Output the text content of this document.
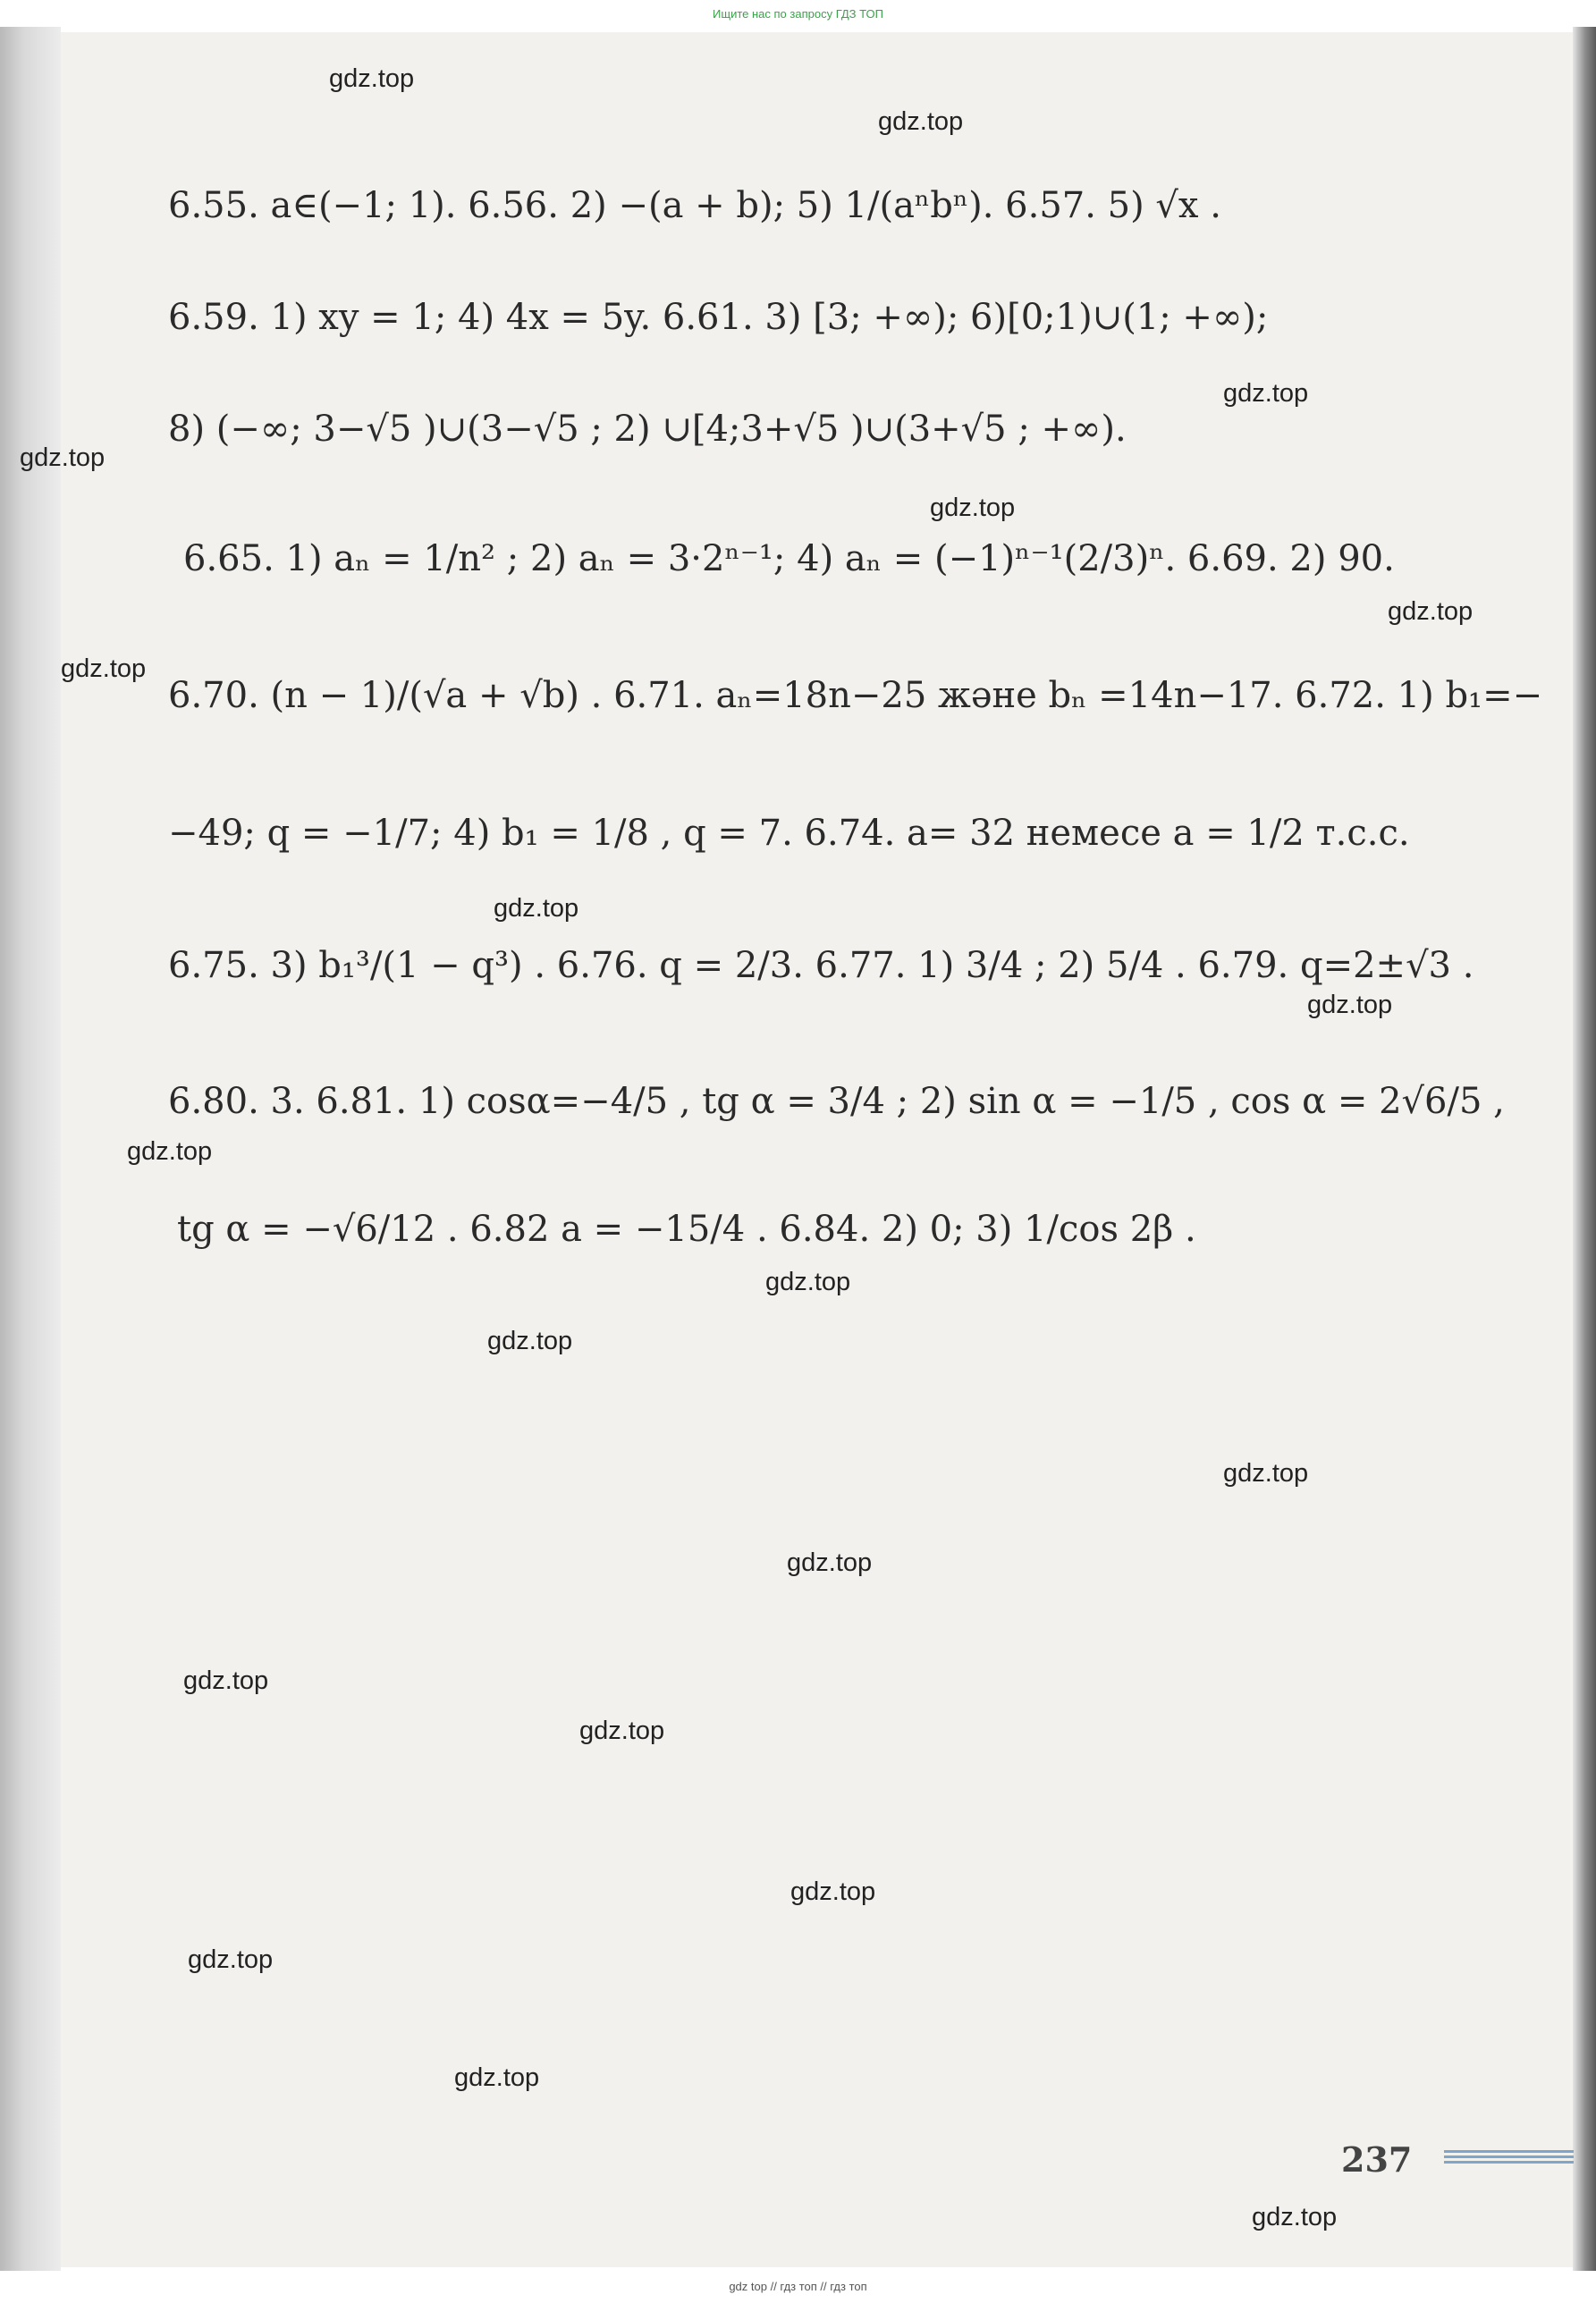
Ищите нас по запросу ГДЗ ТОП
6.55. a∈(−1; 1). 6.56. 2) −(a + b); 5) 1/(aⁿbⁿ). 6.57. 5) √x .
6.59. 1) xy = 1; 4) 4x = 5y. 6.61. 3) [3; +∞); 6)[0;1)∪(1; +∞);
8) (−∞; 3−√5 )∪(3−√5 ; 2) ∪[4;3+√5 )∪(3+√5 ; +∞).
6.65. 1) aₙ = 1/n² ; 2) aₙ = 3·2ⁿ⁻¹; 4) aₙ = (−1)ⁿ⁻¹(2/3)ⁿ. 6.69. 2) 90.
6.70. (n − 1)/(√a + √b) . 6.71. aₙ=18n−25 және bₙ =14n−17. 6.72. 1) b₁=−
−49; q = −1/7; 4) b₁ = 1/8 , q = 7. 6.74. a= 32 немесе a = 1/2 т.с.с.
6.75. 3) b₁³/(1 − q³) . 6.76. q = 2/3. 6.77. 1) 3/4 ; 2) 5/4 . 6.79. q=2±√3 .
6.80. 3. 6.81. 1) cosα=−4/5 , tg α = 3/4 ; 2) sin α = −1/5 , cos α = 2√6/5 ,
tg α = −√6/12 . 6.82 a = −15/4 . 6.84. 2) 0; 3) 1/cos 2β .
gdz.top
gdz.top
gdz.top
gdz.top
gdz.top
gdz.top
gdz.top
gdz.top
gdz.top
gdz.top
gdz.top
gdz.top
gdz.top
gdz.top
gdz.top
gdz.top
gdz.top
gdz.top
gdz.top
gdz.top
237
gdz top // гдз топ // гдз топ
